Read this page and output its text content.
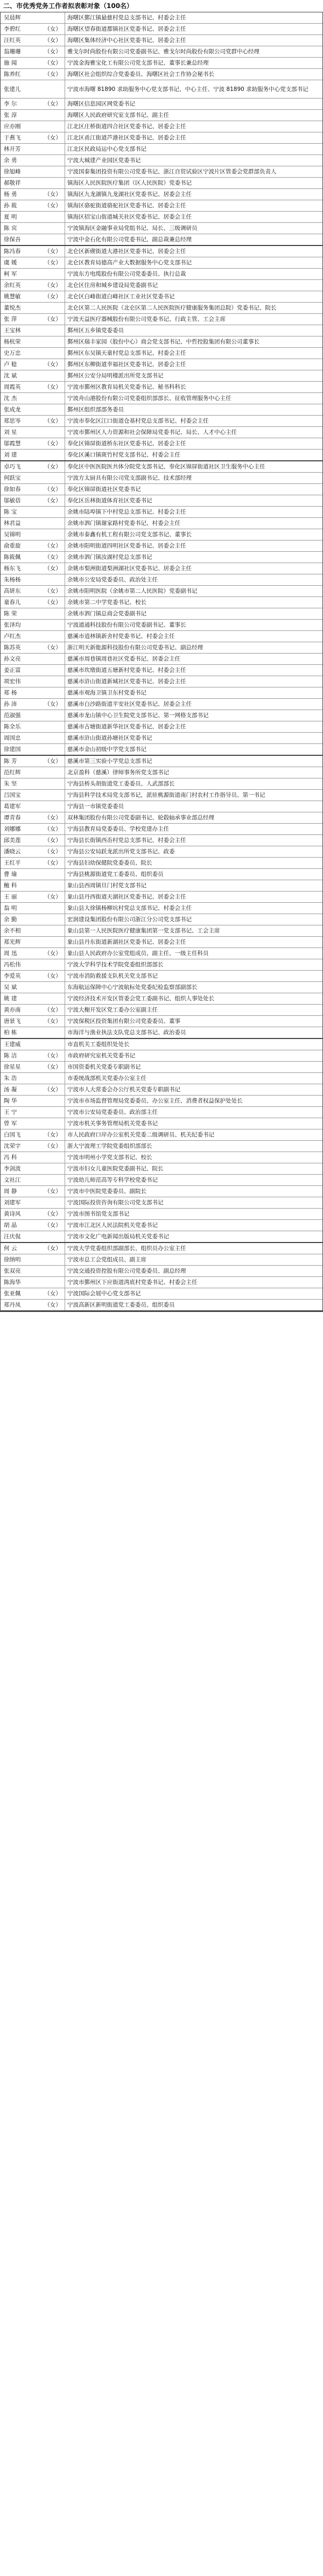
二、市优秀党务工作者拟表彰对象（100名）
吴晨辉	海曙区鄞江镇悬慈村党总支部书记、村委会主任
李碧红	（女）	海曙区望春街道都镇社区党委书记、居委会主任
汪红英	（女）	海曙区集体经济中心社区党委书记、居委会主任
翁珊珊	（女）	雅戈尔时尚股份有限公司党委副书记、雅戈尔时尚股份有限公司党群中心经理
施 闻	（女）	宁波金海雅宝化工有限公司党支部书记、董事长兼总经理
陈养红	（女）	海曙区社会组织综合党委委员、海曙区社会工作协会秘书长
张建儿	宁波市海曙 81890 求助服务中心党支部书记、中心主任、宁波 81890 求助服务中心党支部书记
李 尔	（女）	海曙区信息园区网党委书记
张 淳	海曙区人民政府研究室支部书记、副主任
应亦刚	江北区庄桥街道四合社区党委书记、居委会主任
于燕飞	（女）	江北区甬江街道芦港社区党委书记、居委会主任
林开芳	江北区民政局运中心党支部书记
余 勇	宁波大城建产业园区党委书记
徐旭峰	宁波国泰集团投资有限公司党委书记、浙江自贸试验区宁波片区管委会党群部负责人
郝敬祥	镇海区人民医院医疗集团（区人民医院）党委书记
杨 勇	（女）	镇海区九龙湖镇九龙湖社区党委书记、居委会主任
孙 筱	（女）	镇海区骆驼街道骆驼社区党委书记、居委会主任
夏 明	镇海区招宝山街道城关社区党委书记、居委会主任
陈 宾	宁波镇海区金融事业局党组书记、局长、三级调研员
徐保吾	宁波中金石化有限公司党委书记、副总裁兼总经理
陈冯春	（女）	北仑区新碶街道大港社区党委书记、居委会主任
虞 媛	（女）	北仑区教育局德高产业大数据服务中心党支部书记
柯 军	宁波东方电缆股份有限公司党委委员、执行总裁
余红英	（女）	北仑区住房和城乡建设局党委副书记
姚慧敏	（女）	北仑区白峰街道白峰社区工业社区党委书记
董悦杰	北仑区第二人民医院（北仑区第二人民医院医疗健康服务集团总院）党委书记、院长
张 萍	（女）	宁波天益医疗器械股份有限公司党委书记、行政主管、工会主席
王宝林	鄞州区五乡镇党委委员
杨杭荣	鄞州区瑞丰家园（股份中心）商会党支部书记、中哲控股集团有限公司董事长
史万忠	鄞州区东吴镇天童村党总支部书记、村委会主任
卢 稔	（女）	鄞州区东柳街道幸福社区党委书记、居委会主任
沈 斌	鄞州区公安分局明楼派出所党支部书记
周霞英	（女）	宁波市鄞州区教育局机关党委书记、秘书科科长
沈 杰	宁波舟山港股份有限公司党委组织部部长、征收管理服务中心主任
张成龙	鄞州区组织部部务委员
郑思岑	（女）	宁波市奉化区江口街道仓基村党总支部书记、村委会主任
刘 星	宁波市鄞州区人力资源和社会保障局党委书记、局长、人才中心主任
邬霞慧	（女）	奉化区锦屏街道桥东社区党委书记、居委会主任
刘 建	奉化区溪口镇斑竹村党支部书记、村委会主任
卓巧飞	（女）	奉化区中医医院医共体分院党支部书记、奉化区锦屏街道社区卫生服务中心主任
何跃宝	宁波方太厨具有限公司党支部副书记、技术部经理
徐如春	（女）	奉化区锦屏街道社区党委书记
邬敏蓓	（女）	奉化区岳林街道体育社区党委书记
陈 宝	余姚市陆埠镇下中村党总支部书记、村委会主任
林君益	余姚市泗门镇谢家路村党委书记、村委会主任
吴锦明	余姚市泰鑫有机工程有限公司党支部书记、董事长
俞重旋	（女）	余姚市阳明街道四明社区党委书记、居委会主任
陈筱佩	（女）	余姚市泗门镇汝湖村党总支部书记
杨东飞	（女）	余姚市梨洲街道梨洲湖社区党委书记、居委会主任
朱杨杨	余姚市公安局党委委员、政治处主任
高妍东	（女）	余姚市阳明医院（余姚市第二人民医院）党委副书记
童春儿	（女）	余姚市第二中学党委书记、校长
陈 荣	余姚市泗门镇总商会党委副书记
张泽均	宁波道通科技股份有限公司党委副书记、董事长
卢红杰	慈溪市逍林镇新舍村党委书记、村委会主任
陈苏英	（女）	浙江明天新能源科技股份有限公司党委书记、副总经理
孙文亮	慈溪市周巷镇周巷社区党委书记、居委会主任
姜正富	慈溪市坎墩街道五塘新村党委书记、村委会主任
项宏伟	慈溪市浒山街道新城社区党委书记、居委会主任
郑 杨	慈溪市观海卫镇卫东村党委书记
孙 沛	（女）	慈溪市白沙路街道平安社区党委书记、居委会主任
范淑强	慈溪市龙山镇中心卫生院党支部书记、第一网格支部书记
陈全乐	慈溪市古塘街道新华社区党委书记、居委会主任
周国忠	慈溪市浒山街道孙塘社区党委书记
徐建国	慈溪市金山初级中学党支部书记
陈 芳	（女）	慈溪市第三实验小学党总支部书记
范红辉	北京盈科（慈溪）律师事务所党支部书记
朱 坚	宁海县桥头胡街道党工委委员、人武部部长
吕国宝	宁海县科学技术局党支部书记，派驻桃源街道南门村农村工作指导员、第一书记
葛建军	宁海县一市镇党委委员
谭青春	（女）	双林集团股份有限公司党委副书记、轮毂轴承事业部总经理
刘娜娜	（女）	宁海县教育局党委委员、学校党建办主任
邱美莲	（女）	宁海县长街镇西岙村党总支部书记、村委会主任
潘晓云	（女）	宁海县公安局跃龙派出所党支部书记、政委
王红平	（女）	宁海县妇幼保健院党委委员、院长
曹 瑜	宁海县桃源街道党工委委员、组织委员
鲍 科	象山县西周镇旦门村党支部书记
王 丽	（女）	象山县丹西街道天湖社区党委书记、居委会主任
翁 明	象山县大徐镇杨柳坑村党总支部书记、村委会主任
余 勤	宏润建设集团股份有限公司浙江分公司党支部书记
余不相	象山县第一人民医院医疗健康集团第一党支部书记、工会主席
郑光辉	象山县丹东街道新湖社区党委书记、居委会主任
周 迅	（女）	象山县人民政府办公室党组成员、副主任、一级主任科员
冯松伟	宁波大学科学技术学院党委组织部部长
李爱英	（女）	宁波市消防救援支队机关党支部书记
吴 斌	东海航运保障中心宁波航标处党委纪检监察部副部长
姚 建	宁波经济技术开发区管委会党工委副书记、组织人事处处长
黄亦南	（女）	宁波大榭开发区党工委办公室副主任
唐景飞	（女）	宁波保税区投资集团有限公司党委委员、董事
柏 栋	市海洋与渔业执法支队党总支部书记、政治委员
王建威	市直机关工委组织处处长
陈 洁	（女）	市政府研究室机关党委书记
徐星星	（女）	市国资委机关党委专职副书记
朱 浩	市委统战部机关党委办公室主任
汤 凝	（女）	宁波市人大常委会办公厅机关党委专职副书记
陶 华	宁波市市场监督管理局党委委员、办公室主任、消费者权益保护处处长
王 宁	宁波市公安局党委委员、政治部主任
曾 军	宁波市机关事务管理局机关党委书记
白国飞	（女）	市人民政府口岸办公室机关党委二级调研员、机关纪委书记
沈荣宇	（女）	浙大宁波理工学院党委组织部部长
冯 科	宁波市明州小学党支部书记、校长
李剑波	宁波市妇女儿童医院党委副书记、院长
文社江	宁波幼儿师范高等专科学校党委书记
周 静	（女）	宁波市中医院党委委员、副院长
刘建军	宁波国际投资咨询有限公司党支部书记
黄诗风	（女）	宁波市图书馆党支部书记
胡 晶	（女）	宁波市江北区人民法院机关党委书记
汪庆侃	宁波市文化广电新闻出版局机关党委书记
何 云	（女）	宁波大学党委组织部副部长、组织员办公室主任
徐纳明	宁波市总工会党组成员、副主席
张双亮	宁波交通投资控股有限公司党委委员、副总经理
陈海华	宁波市鄞州区下应街道湾底村党委书记、村委会主任
张亚佩	（女）	宁波国际会展中心党支部书记
郑丹凤	（女）	宁波高新区新明街道党工委委员、组织委员
